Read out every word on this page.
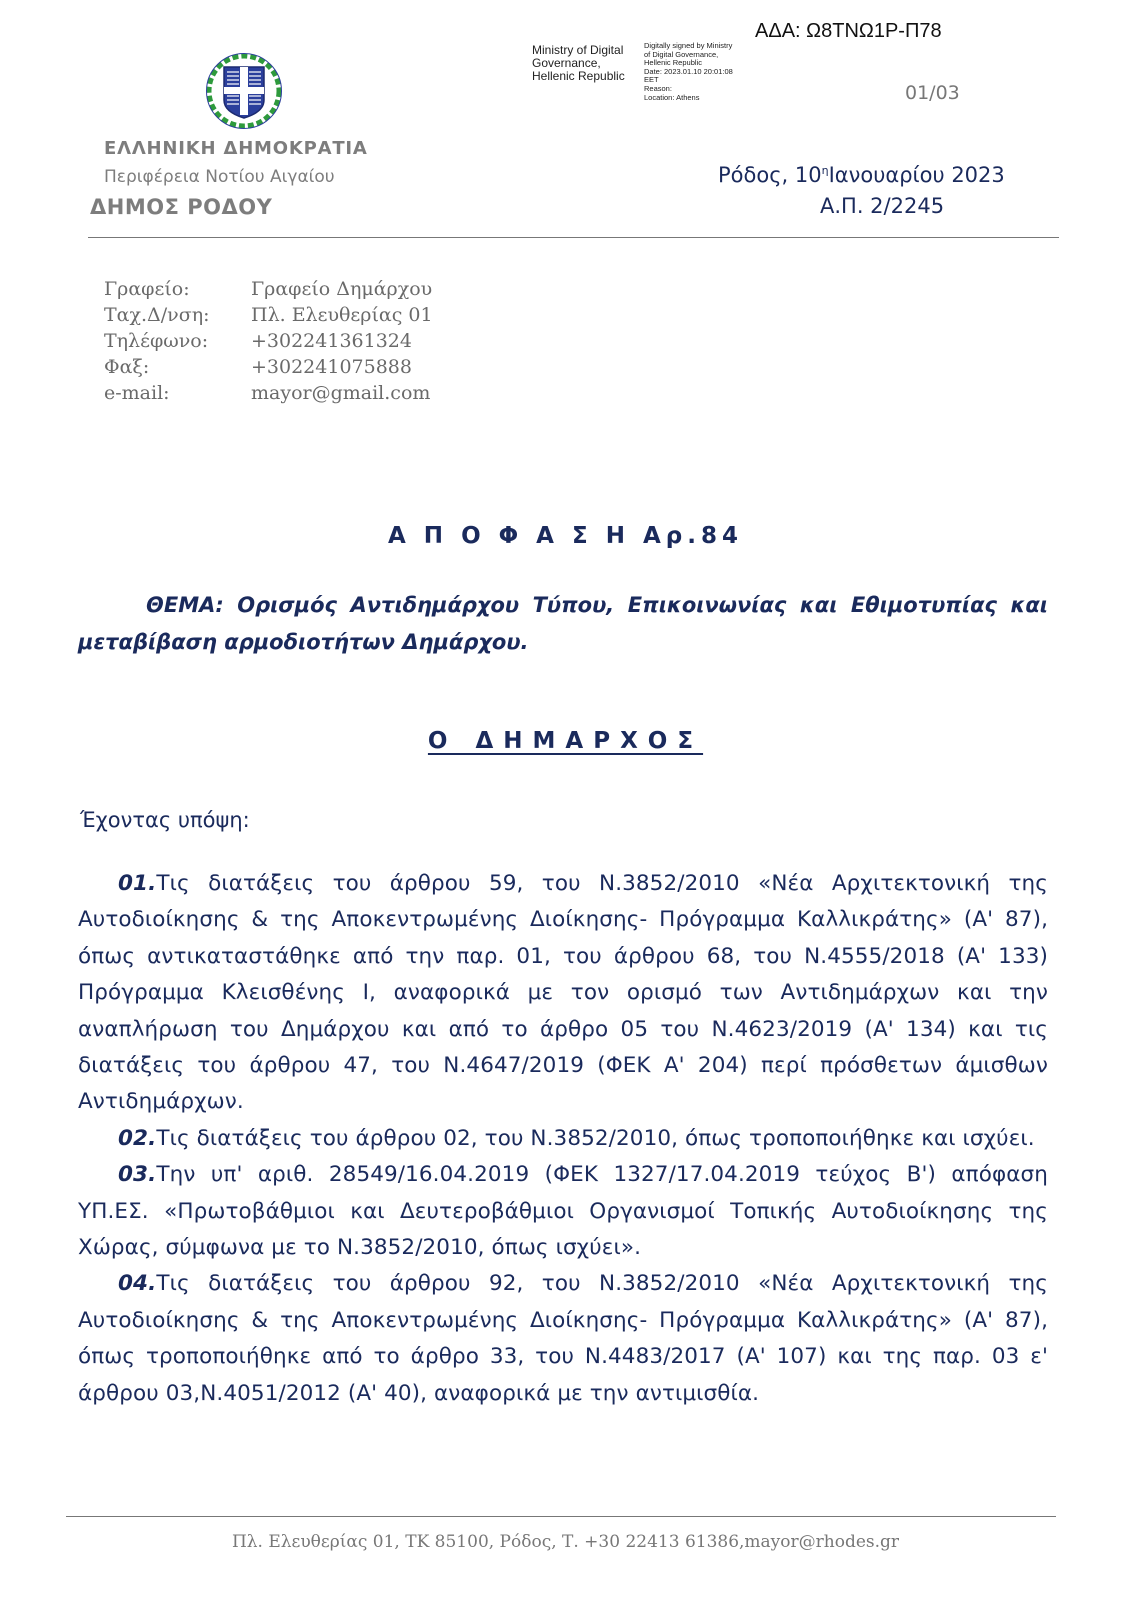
ΑΔΑ: Ω8ΤΝΩ1Ρ-Π78
Ministry of Digital Governance, Hellenic Republic
Digitally signed by Ministry
of Digital Governance,
Hellenic Republic
Date: 2023.01.10 20:01:08
EET
Reason:
Location: Athens	01/03
ΕΛΛΗΝΙΚΗ ΔΗΜΟΚΡΑΤΙΑ
Περιφέρεια Νοτίου Αιγαίου
ΔΗΜΟΣ ΡΟΔΟΥ
Ρόδος, $10^\eta I\alpha\nu o\upsilon\alpha\rho ίo\upsilon$ 2023
Α.Π. 2/2245
Γραφείο:	Γραφείο Δημάρχου
Ταχ.Δ/νση: Πλ. Ελευθερίας 01
Τηλέφωνο: +302241361324
Φαξ:	+302241075888
e-mail:	mayor@gmail.com
Α Π Ο Φ Α Σ Η Αρ.84
ΘΕΜΑ: Ορισμός Αντιδημάρχου Τύπου, Επικοινωνίας και Εθιμοτυπίας και μεταβίβαση αρμοδιοτήτων Δημάρχου.
Ο ΔΗΜΑΡΧΟΣ
Έχοντας υπόψη:

01.Τις διατάξεις του άρθρου 59, του Ν.3852/2010 «Νέα Αρχιτεκτονική της Αυτοδιοίκησης & της Αποκεντρωμένης Διοίκησης- Πρόγραμμα Καλλικράτης» (Α' 87), όπως αντικαταστάθηκε από την παρ. 01, του άρθρου 68, του Ν.4555/2018 (Α' 133) Πρόγραμμα Κλεισθένης Ι, αναφορικά με τον ορισμό των Αντιδημάρχων και την αναπλήρωση του Δημάρχου και από το άρθρο 05 του Ν.4623/2019 (Α' 134) και τις διατάξεις του άρθρου 47, του Ν.4647/2019 (ΦΕΚ Α' 204) περί πρόσθετων άμισθων Αντιδημάρχων.

02.Τις διατάξεις του άρθρου 02, του Ν.3852/2010, όπως τροποποιήθηκε και ισχύει.

03.Την υπ' αριθ. 28549/16.04.2019 (ΦΕΚ 1327/17.04.2019 τεύχος Β') απόφαση ΥΠ.ΕΣ. «Πρωτοβάθμιοι και Δευτεροβάθμιοι Οργανισμοί Τοπικής Αυτοδιοίκησης της Χώρας, σύμφωνα με το Ν.3852/2010, όπως ισχύει».

04.Τις διατάξεις του άρθρου 92, του Ν.3852/2010 «Νέα Αρχιτεκτονική της Αυτοδιοίκησης & της Αποκεντρωμένης Διοίκησης- Πρόγραμμα Καλλικράτης» (Α' 87), όπως τροποποιήθηκε από το άρθρο 33, του Ν.4483/2017 (Α' 107) και της παρ. 03 ε' άρθρου 03,Ν.4051/2012 (Α' 40), αναφορικά με την αντιμισθία.

Πλ. Ελευθερίας 01, ΤΚ 85100, Ρόδος, Τ. +30 22413 61386,mayor@rhodes.gr
